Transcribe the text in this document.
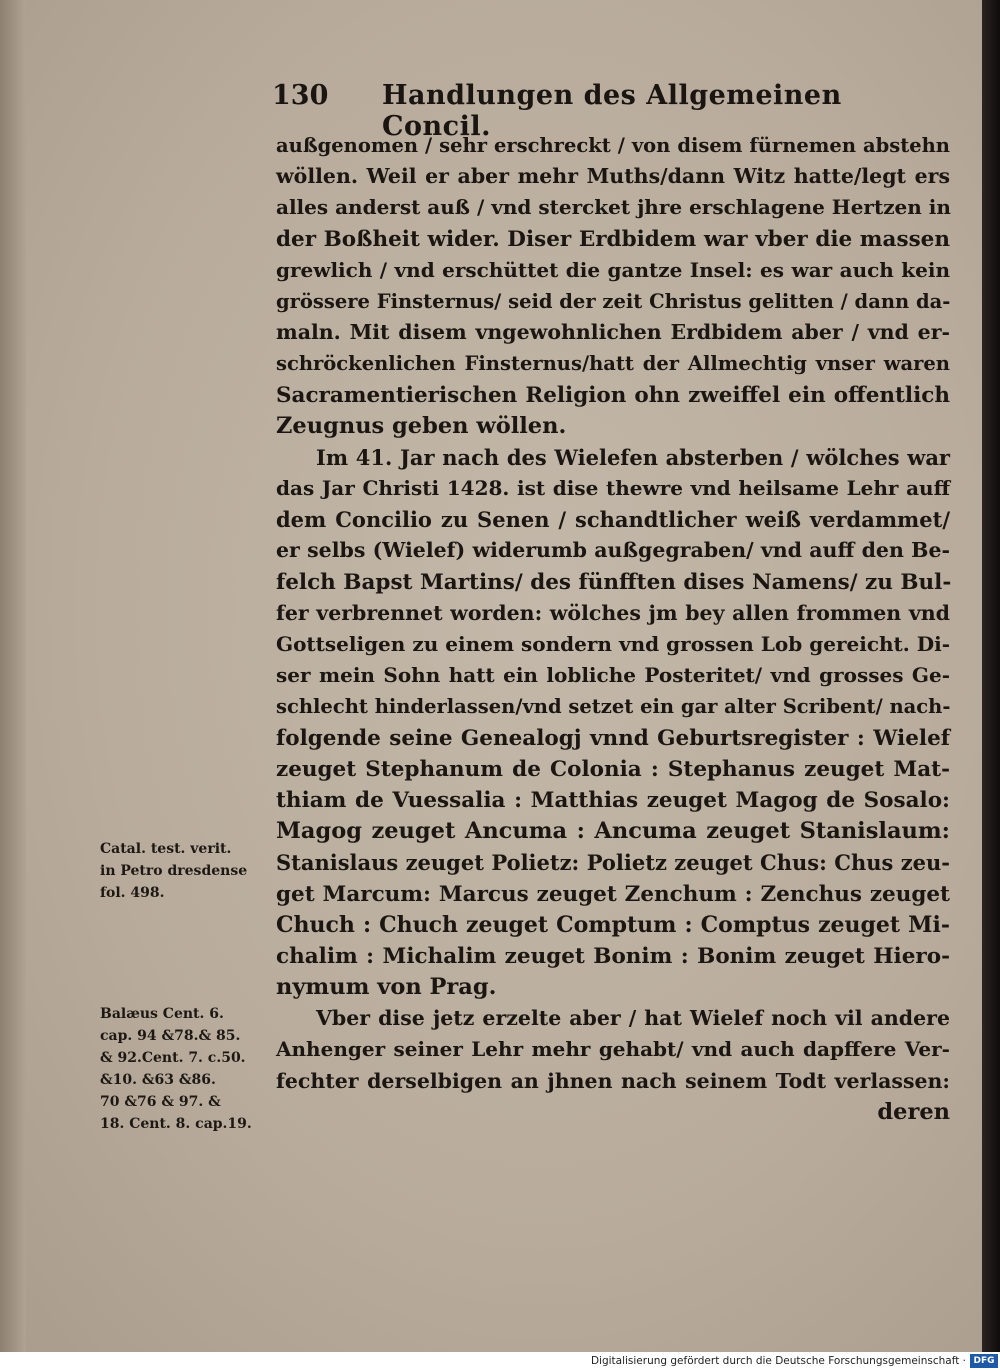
130 Handlungen des Allgemeinen Concil.
außgenomen / sehr erschreckt / von disem fürnemen abstehn
wöllen. Weil er aber mehr Muths/dann Witz hatte/legt ers
alles anderst auß / vnd stercket jhre erschlagene Hertzen in
der Boßheit wider. Diser Erdbidem war vber die massen
grewlich / vnd erschüttet die gantze Insel: es war auch kein
grössere Finsternus/ seid der zeit Christus gelitten / dann da-
maln. Mit disem vngewohnlichen Erdbidem aber / vnd er-
schröckenlichen Finsternus/hatt der Allmechtig vnser waren
Sacramentierischen Religion ohn zweiffel ein offentlich
Zeugnus geben wöllen.
Im 41. Jar nach des Wielefen absterben / wölches war
das Jar Christi 1428. ist dise thewre vnd heilsame Lehr auff
dem Concilio zu Senen / schandtlicher weiß verdammet/
er selbs (Wielef) widerumb außgegraben/ vnd auff den Be-
felch Bapst Martins/ des fünfften dises Namens/ zu Bul-
fer verbrennet worden: wölches jm bey allen frommen vnd
Gottseligen zu einem sondern vnd grossen Lob gereicht. Di-
ser mein Sohn hatt ein lobliche Posteritet/ vnd grosses Ge-
schlecht hinderlassen/vnd setzet ein gar alter Scribent/ nach-
folgende seine Genealogj vnnd Geburtsregister : Wielef
zeuget Stephanum de Colonia : Stephanus zeuget Mat-
thiam de Vuessalia : Matthias zeuget Magog de Sosalo:
Magog zeuget Ancuma : Ancuma zeuget Stanislaum:
Stanislaus zeuget Polietz: Polietz zeuget Chus: Chus zeu-
get Marcum: Marcus zeuget Zenchum : Zenchus zeuget
Chuch : Chuch zeuget Comptum : Comptus zeuget Mi-
chalim : Michalim zeuget Bonim : Bonim zeuget Hiero-
nymum von Prag.
Vber dise jetz erzelte aber / hat Wielef noch vil andere
Anhenger seiner Lehr mehr gehabt/ vnd auch dapffere Ver-
fechter derselbigen an jhnen nach seinem Todt verlassen:
deren
Catal. test. verit.
in Petro dresdense
fol. 498.
Balæus Cent. 6.
cap. 94 &78.& 85.
& 92.Cent. 7. c.50.
&10. &63 &86.
70 &76 & 97. &
18. Cent. 8. cap.19.
Digitalisierung gefördert durch die Deutsche Forschungsgemeinschaft · DFG
